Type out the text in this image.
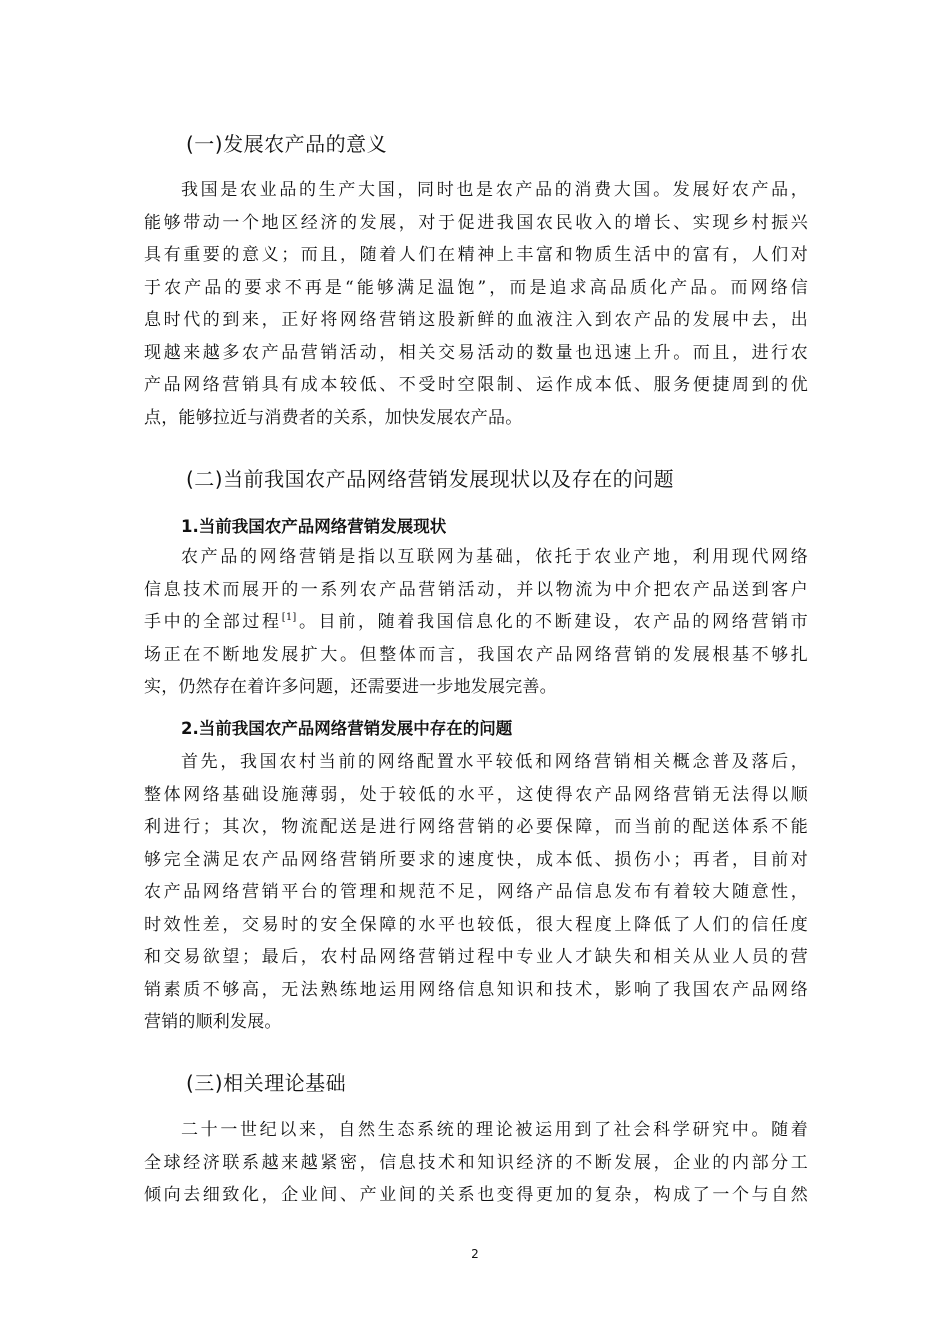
(一)发展农产品的意义
我国是农业品的生产大国，同时也是农产品的消费大国。发展好农产品，
能够带动一个地区经济的发展，对于促进我国农民收入的增长、实现乡村振兴
具有重要的意义；而且，随着人们在精神上丰富和物质生活中的富有，人们对
于农产品的要求不再是“能够满足温饱”，而是追求高品质化产品。而网络信
息时代的到来，正好将网络营销这股新鲜的血液注入到农产品的发展中去，出
现越来越多农产品营销活动，相关交易活动的数量也迅速上升。而且，进行农
产品网络营销具有成本较低、不受时空限制、运作成本低、服务便捷周到的优
点，能够拉近与消费者的关系，加快发展农产品。
(二)当前我国农产品网络营销发展现状以及存在的问题
1.当前我国农产品网络营销发展现状
农产品的网络营销是指以互联网为基础，依托于农业产地，利用现代网络
信息技术而展开的一系列农产品营销活动，并以物流为中介把农产品送到客户
手中的全部过程[1]。目前，随着我国信息化的不断建设，农产品的网络营销市
场正在不断地发展扩大。但整体而言，我国农产品网络营销的发展根基不够扎
实，仍然存在着许多问题，还需要进一步地发展完善。
2.当前我国农产品网络营销发展中存在的问题
首先，我国农村当前的网络配置水平较低和网络营销相关概念普及落后，
整体网络基础设施薄弱，处于较低的水平，这使得农产品网络营销无法得以顺
利进行；其次，物流配送是进行网络营销的必要保障，而当前的配送体系不能
够完全满足农产品网络营销所要求的速度快，成本低、损伤小；再者，目前对
农产品网络营销平台的管理和规范不足，网络产品信息发布有着较大随意性，
时效性差，交易时的安全保障的水平也较低，很大程度上降低了人们的信任度
和交易欲望；最后，农村品网络营销过程中专业人才缺失和相关从业人员的营
销素质不够高，无法熟练地运用网络信息知识和技术，影响了我国农产品网络
营销的顺利发展。
(三)相关理论基础
二十一世纪以来，自然生态系统的理论被运用到了社会科学研究中。随着
全球经济联系越来越紧密，信息技术和知识经济的不断发展，企业的内部分工
倾向去细致化，企业间、产业间的关系也变得更加的复杂，构成了一个与自然
2
